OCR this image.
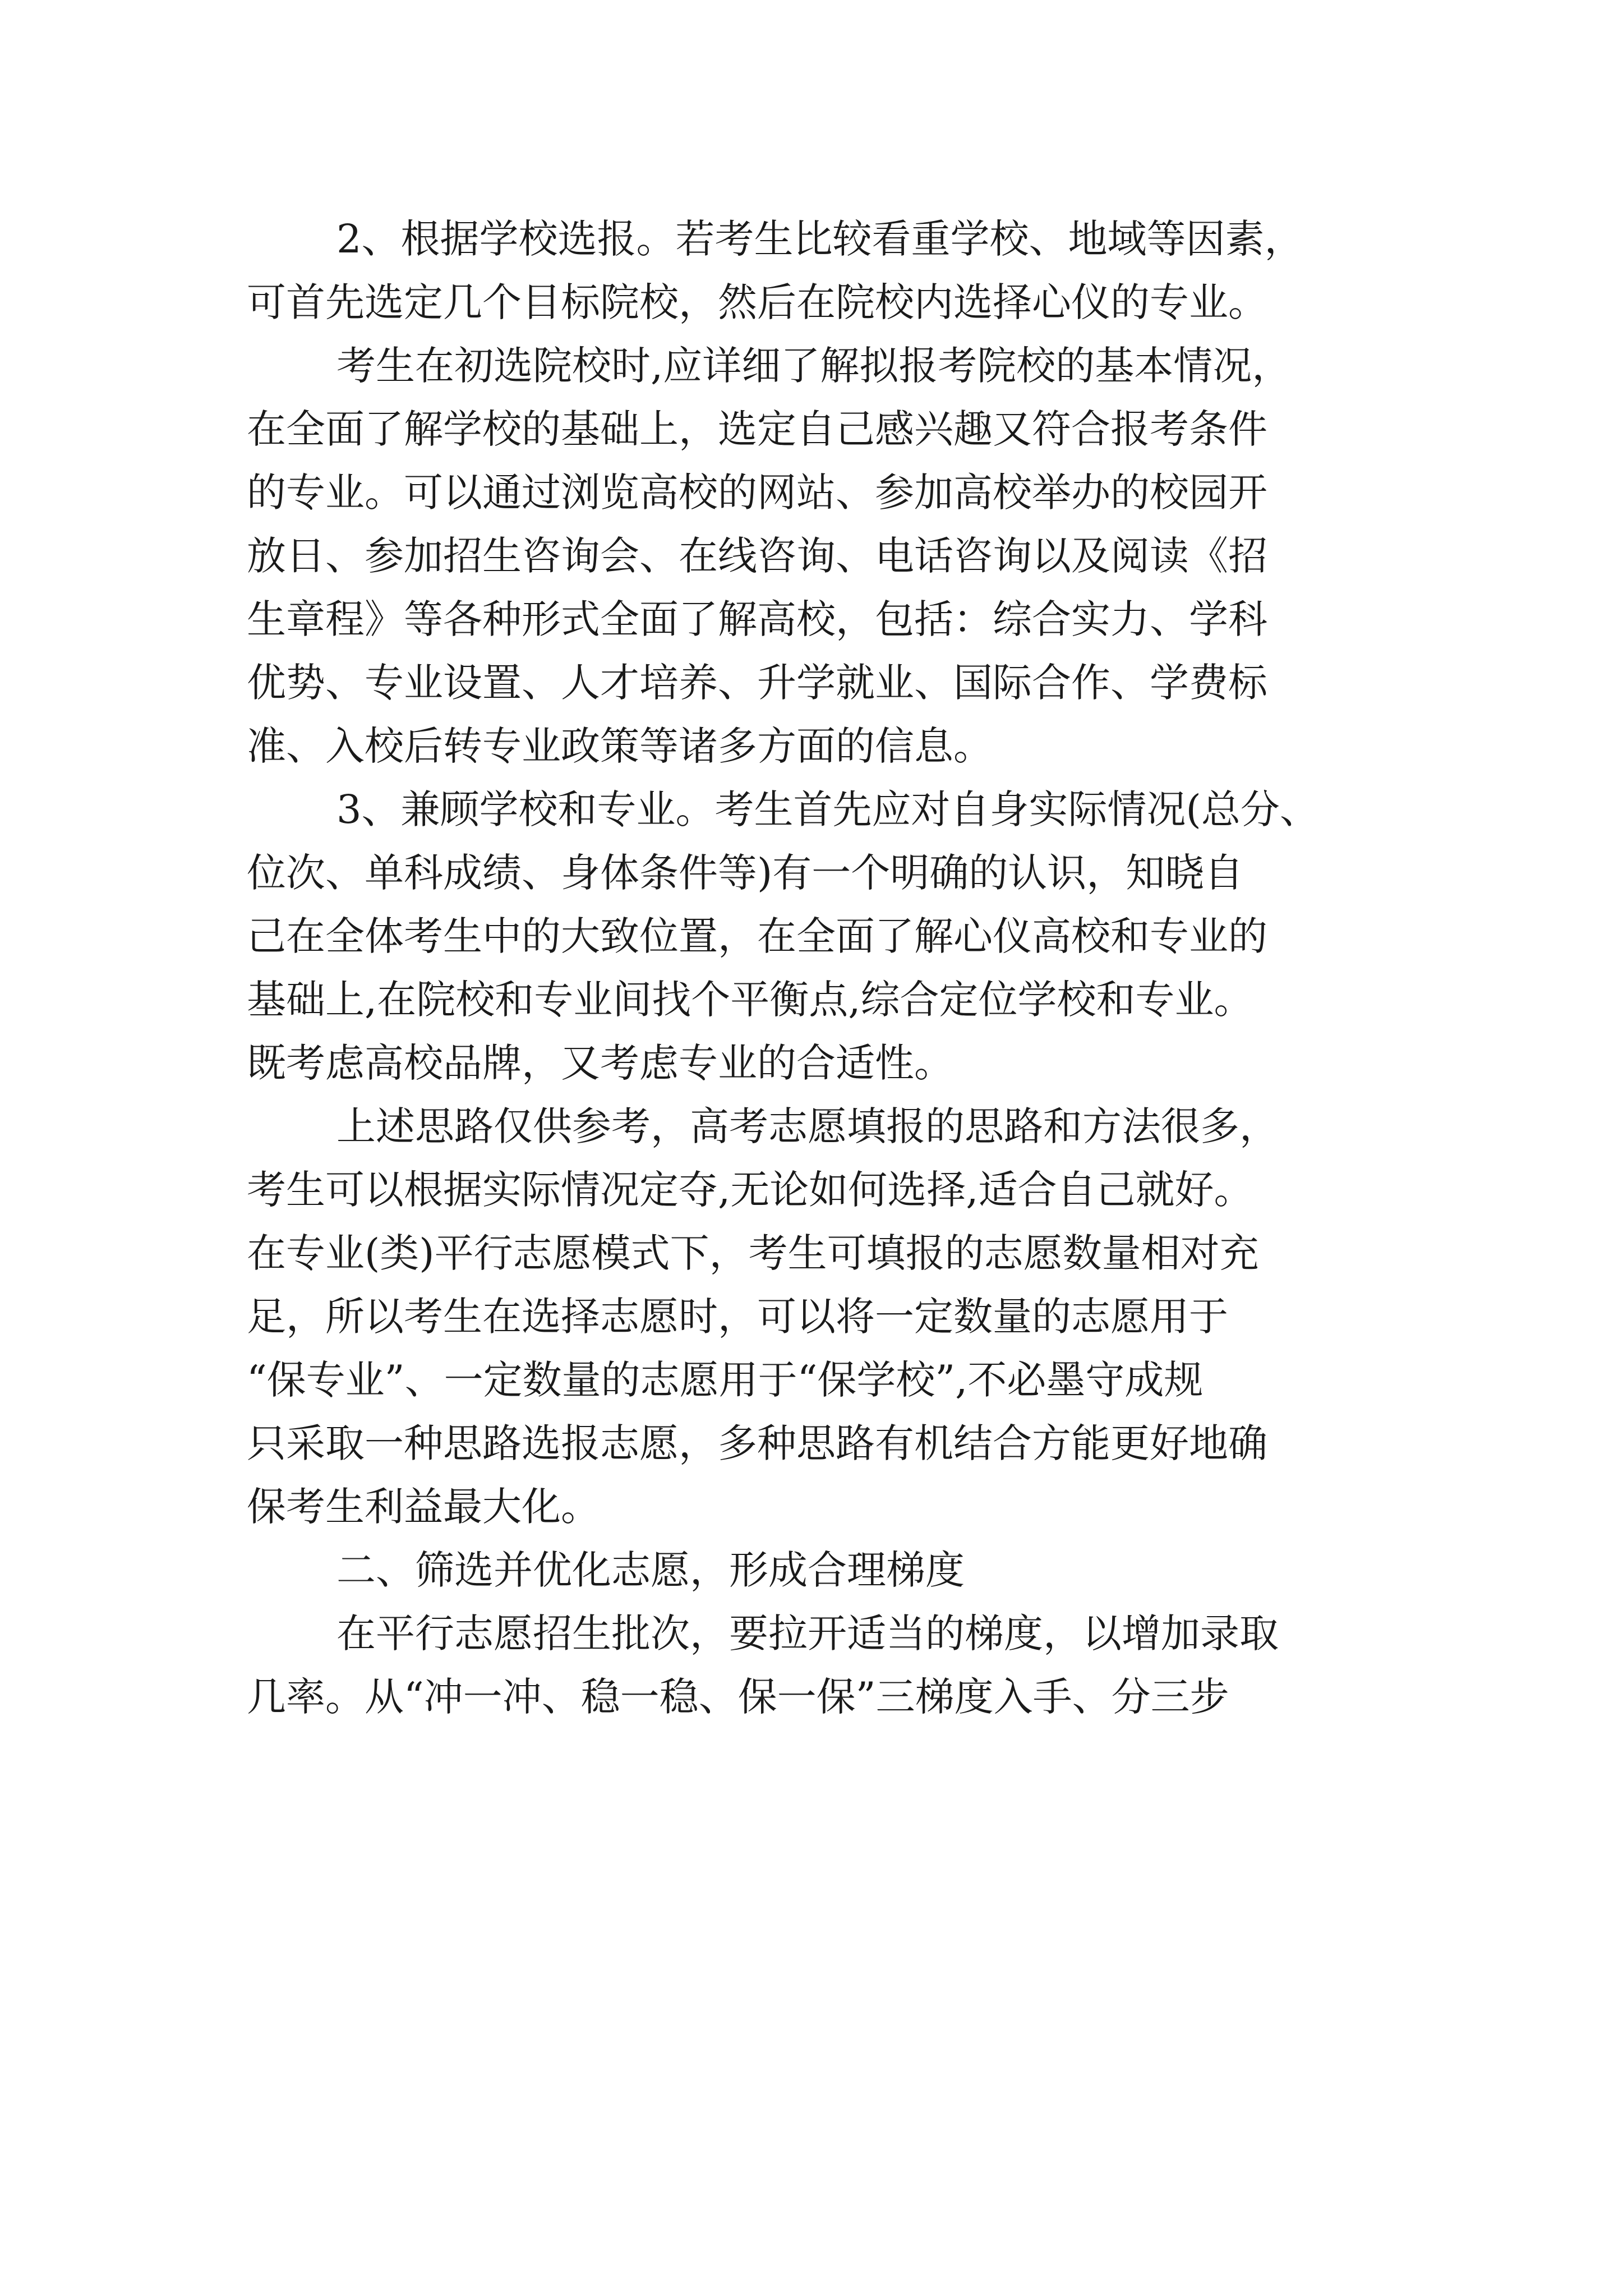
2、根据学校选报。若考生比较看重学校、地域等因素，
可首先选定几个目标院校，然后在院校内选择心仪的专业。
考生在初选院校时,应详细了解拟报考院校的基本情况，
在全面了解学校的基础上，选定自己感兴趣又符合报考条件
的专业。可以通过浏览高校的网站、参加高校举办的校园开
放日、参加招生咨询会、在线咨询、电话咨询以及阅读《招
生章程》等各种形式全面了解高校，包括：综合实力、学科
优势、专业设置、人才培养、升学就业、国际合作、学费标
准、入校后转专业政策等诸多方面的信息。
3、兼顾学校和专业。考生首先应对自身实际情况(总分、
位次、单科成绩、身体条件等)有一个明确的认识，知晓自
己在全体考生中的大致位置，在全面了解心仪高校和专业的
基础上,在院校和专业间找个平衡点,综合定位学校和专业。
既考虑高校品牌，又考虑专业的合适性。
上述思路仅供参考，高考志愿填报的思路和方法很多，
考生可以根据实际情况定夺,无论如何选择,适合自己就好。
在专业(类)平行志愿模式下，考生可填报的志愿数量相对充
足，所以考生在选择志愿时，可以将一定数量的志愿用于
“保专业”、一定数量的志愿用于“保学校”,不必墨守成规
只采取一种思路选报志愿，多种思路有机结合方能更好地确
保考生利益最大化。
二、筛选并优化志愿，形成合理梯度
在平行志愿招生批次，要拉开适当的梯度，以增加录取
几率。从“冲一冲、稳一稳、保一保”三梯度入手、分三步
